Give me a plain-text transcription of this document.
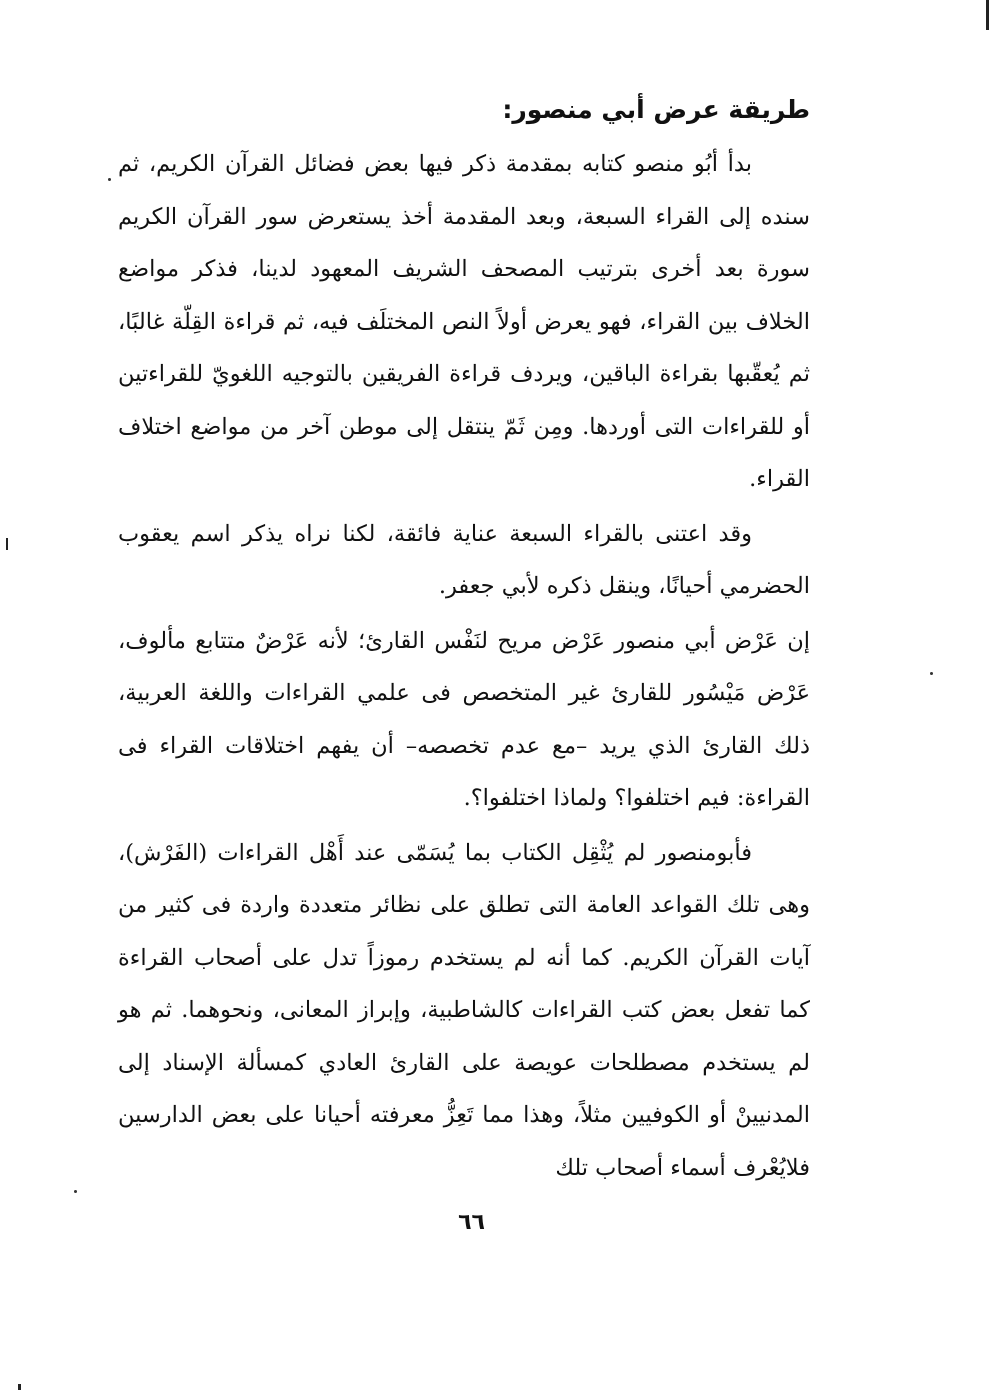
طريقة عرض أبي منصور:

بدأ أبُو منصو كتابه بمقدمة ذكر فيها بعض فضائل القرآن الكريم، ثم سنده إلى القراء السبعة، وبعد المقدمة أخذ يستعرض سور القرآن الكريم سورة بعد أخرى بترتيب المصحف الشريف المعهود لدينا، فذكر مواضع الخلاف بين القراء، فهو يعرض أولاً النص المختلَف فيه، ثم قراءة القِلّة غالبًا، ثم يُعقّبها بقراءة الباقين، ويردف قراءة الفريقين بالتوجيه اللغويّ للقراءتين أو للقراءات التى أوردها. ومِن ثَمّ ينتقل إلى موطن آخر من مواضع اختلاف القراء.

وقد اعتنى بالقراء السبعة عناية فائقة، لكنا نراه يذكر اسم يعقوب الحضرمي أحيانًا، وينقل ذكره لأبي جعفر.

إن عَرْض أبي منصور عَرْض مريح لنَفْس القارئ؛ لأنه عَرْضٌ متتابع مألوف، عَرْض مَيْسُور للقارئ غير المتخصص فى علمي القراءات واللغة العربية، ذلك القارئ الذي يريد –مع عدم تخصصه– أن يفهم اختلاقات القراء فى القراءة: فيم اختلفوا؟ ولماذا اختلفوا؟.

فأبومنصور لم يُثْقِل الكتاب بما يُسَمّى عند أَهْل القراءات (الفَرْش)، وهى تلك القواعد العامة التى تطلق على نظائر متعددة واردة فى كثير من آيات القرآن الكريم. كما أنه لم يستخدم رموزاً تدل على أصحاب القراءة كما تفعل بعض كتب القراءات كالشاطبية، وإبراز المعانى، ونحوهما. ثم هو لم يستخدم مصطلحات عويصة على القارئ العادي كمسألة الإسناد إلى المدنيينْ أو الكوفيين مثلاً، وهذا مما تَعِزُّ معرفته أحيانا على بعض الدارسين فلايُعْرف أسماء أصحاب تلك

٦٦
